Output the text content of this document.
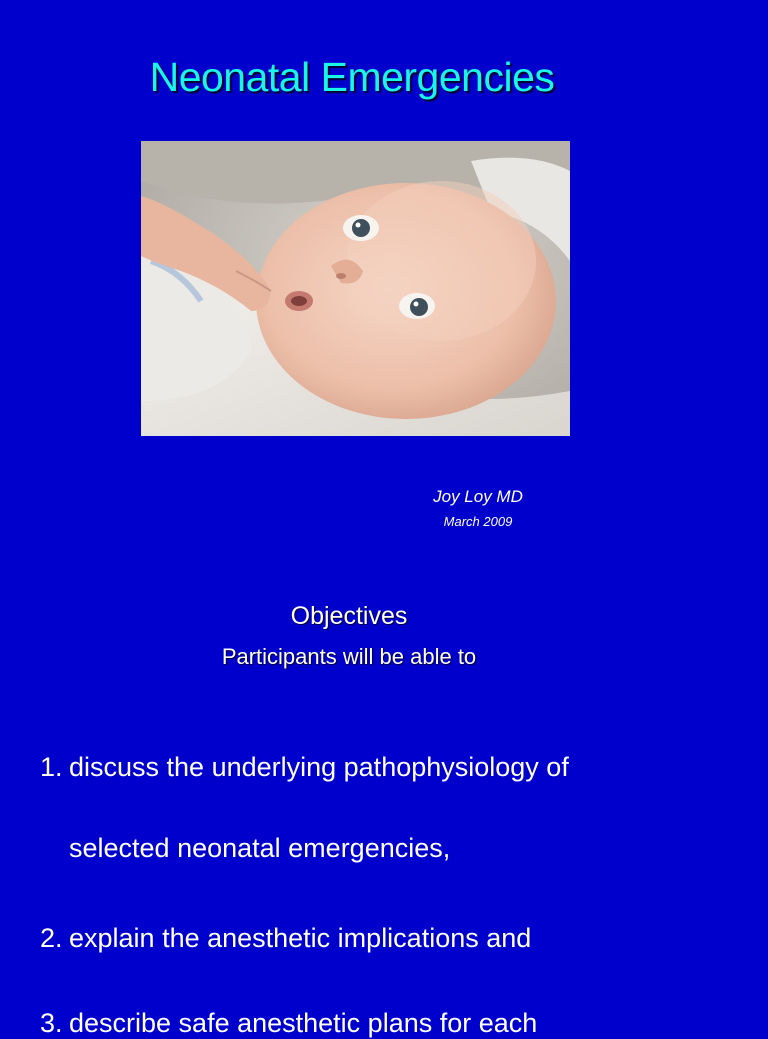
Neonatal Emergencies
Joy Loy MD
March 2009
Objectives
Participants will be able to
1. discuss the underlying pathophysiology of
selected neonatal emergencies,
2. explain the anesthetic implications and
3. describe safe anesthetic plans for each
